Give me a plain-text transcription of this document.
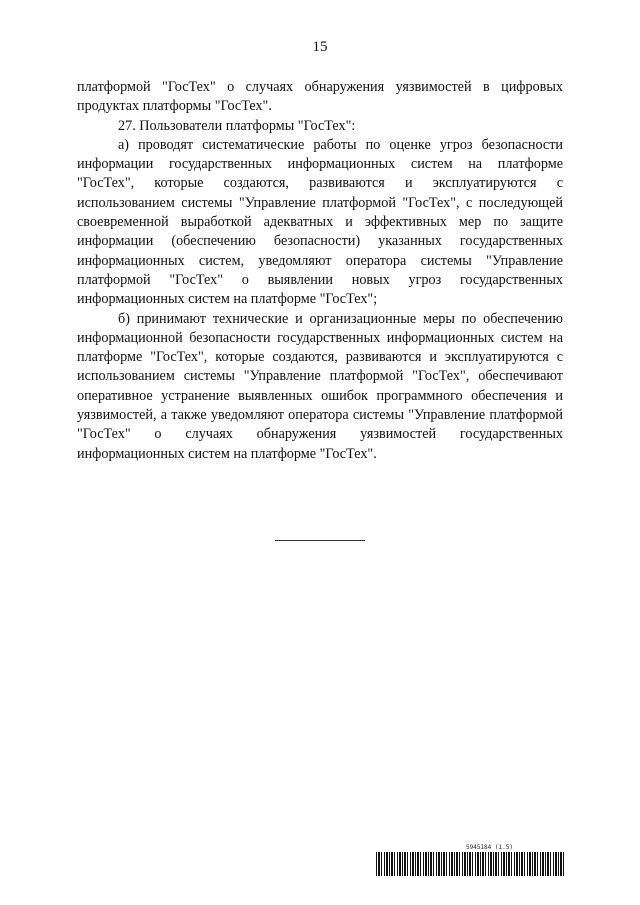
15

платформой "ГосТех" о случаях обнаружения уязвимостей в цифровых продуктах платформы "ГосТех".

27. Пользователи платформы "ГосТех":

а) проводят систематические работы по оценке угроз безопасности информации государственных информационных систем на платформе "ГосТех", которые создаются, развиваются и эксплуатируются с использованием системы "Управление платформой "ГосТех", с последующей своевременной выработкой адекватных и эффективных мер по защите информации (обеспечению безопасности) указанных государственных информационных систем, уведомляют оператора системы "Управление платформой "ГосТех" о выявлении новых угроз государственных информационных систем на платформе "ГосТех";

б) принимают технические и организационные меры по обеспечению информационной безопасности государственных информационных систем на платформе "ГосТех", которые создаются, развиваются и эксплуатируются с использованием системы "Управление платформой "ГосТех", обеспечивают оперативное устранение выявленных ошибок программного обеспечения и уязвимостей, а также уведомляют оператора системы "Управление платформой "ГосТех" о случаях обнаружения уязвимостей государственных информационных систем на платформе "ГосТех".

5945184 (1.5)
